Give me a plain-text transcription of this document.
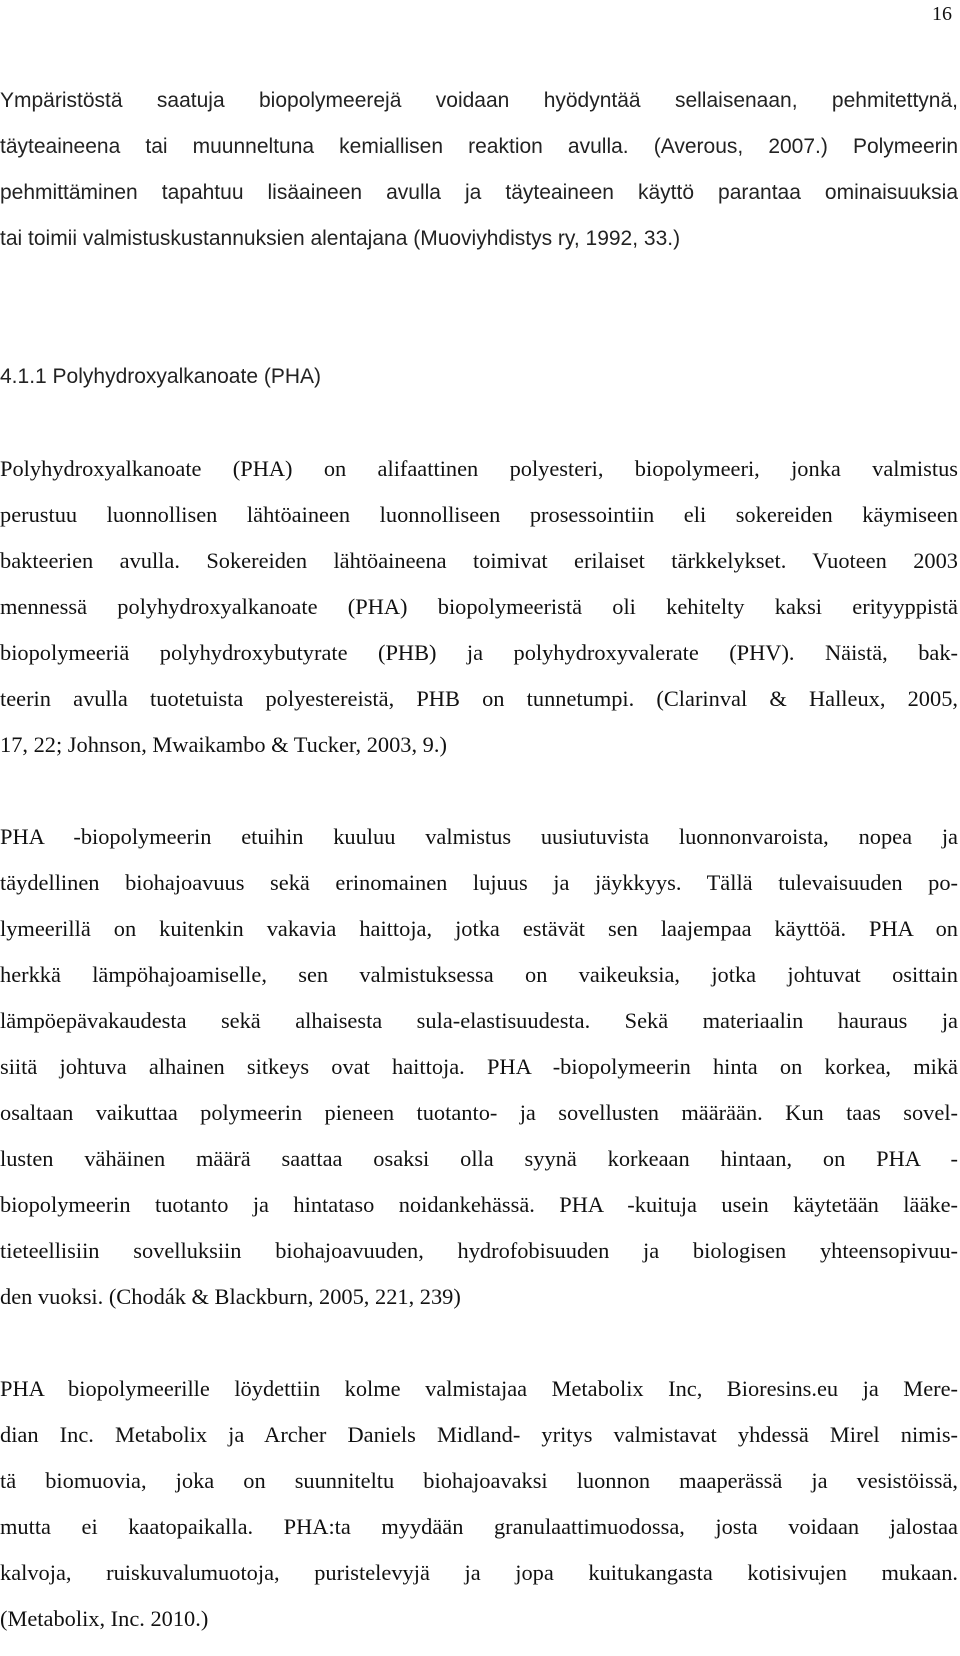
16
Ympäristöstä saatuja biopolymeerejä voidaan hyödyntää sellaisenaan, pehmitettynä,
täyteaineena tai muunneltuna kemiallisen reaktion avulla. (Averous, 2007.) Polymeerin
pehmittäminen tapahtuu lisäaineen avulla ja täyteaineen käyttö parantaa ominaisuuksia
tai toimii valmistuskustannuksien alentajana (Muoviyhdistys ry, 1992, 33.)
4.1.1 Polyhydroxyalkanoate (PHA)
Polyhydroxyalkanoate (PHA) on alifaattinen polyesteri, biopolymeeri, jonka valmistus
perustuu luonnollisen lähtöaineen luonnolliseen prosessointiin eli sokereiden käymiseen
bakteerien avulla. Sokereiden lähtöaineena toimivat erilaiset tärkkelykset. Vuoteen 2003
mennessä polyhydroxyalkanoate (PHA) biopolymeeristä oli kehitelty kaksi erityyppistä
biopolymeeriä polyhydroxybutyrate (PHB) ja polyhydroxyvalerate (PHV). Näistä, bak-
teerin avulla tuotetuista polyestereistä, PHB on tunnetumpi. (Clarinval & Halleux, 2005,
17, 22; Johnson, Mwaikambo & Tucker, 2003, 9.)
PHA -biopolymeerin etuihin kuuluu valmistus uusiutuvista luonnonvaroista, nopea ja
täydellinen biohajoavuus sekä erinomainen lujuus ja jäykkyys. Tällä tulevaisuuden po-
lymeerillä on kuitenkin vakavia haittoja, jotka estävät sen laajempaa käyttöä. PHA on
herkkä lämpöhajoamiselle, sen valmistuksessa on vaikeuksia, jotka johtuvat osittain
lämpöepävakaudesta sekä alhaisesta sula-elastisuudesta. Sekä materiaalin hauraus ja
siitä johtuva alhainen sitkeys ovat haittoja. PHA -biopolymeerin hinta on korkea, mikä
osaltaan vaikuttaa polymeerin pieneen tuotanto- ja sovellusten määrään. Kun taas sovel-
lusten vähäinen määrä saattaa osaksi olla syynä korkeaan hintaan, on PHA -
biopolymeerin tuotanto ja hintataso noidankehässä. PHA -kuituja usein käytetään lääke-
tieteellisiin sovelluksiin biohajoavuuden, hydrofobisuuden ja biologisen yhteensopivuu-
den vuoksi. (Chodák & Blackburn, 2005, 221, 239)
PHA biopolymeerille löydettiin kolme valmistajaa Metabolix Inc, Bioresins.eu ja Mere-
dian Inc. Metabolix ja Archer Daniels Midland- yritys valmistavat yhdessä Mirel nimis-
tä biomuovia, joka on suunniteltu biohajoavaksi luonnon maaperässä ja vesistöissä,
mutta ei kaatopaikalla. PHA:ta myydään granulaattimuodossa, josta voidaan jalostaa
kalvoja, ruiskuvalumuotoja, puristelevyjä ja jopa kuitukangasta kotisivujen mukaan.
(Metabolix, Inc. 2010.)
